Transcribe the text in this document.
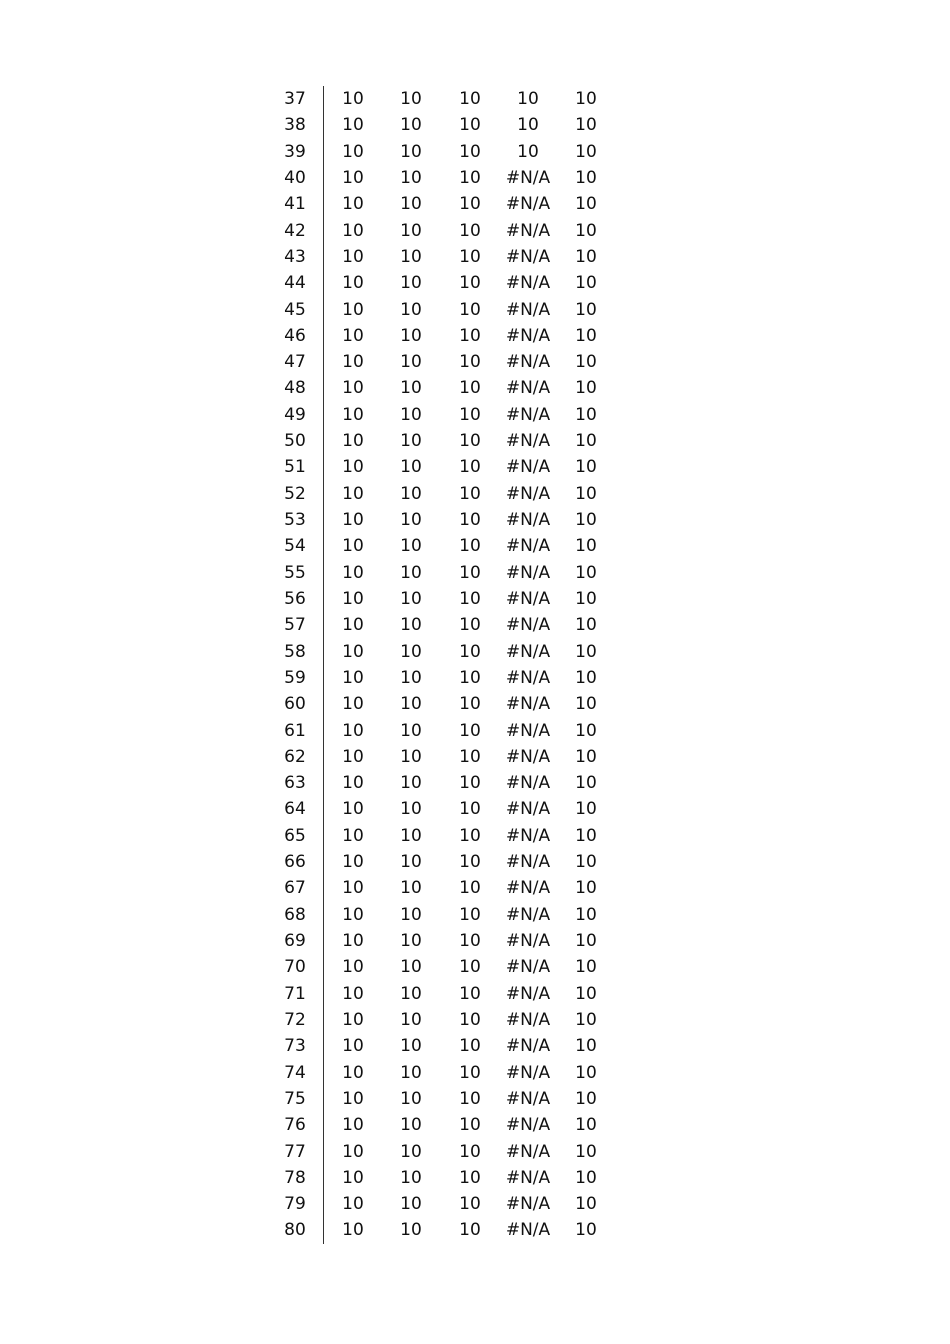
37	10	10	10	10	10
38	10	10	10	10	10
39	10	10	10	10	10
40	10	10	10	#N/A	10
41	10	10	10	#N/A	10
42	10	10	10	#N/A	10
43	10	10	10	#N/A	10
44	10	10	10	#N/A	10
45	10	10	10	#N/A	10
46	10	10	10	#N/A	10
47	10	10	10	#N/A	10
48	10	10	10	#N/A	10
49	10	10	10	#N/A	10
50	10	10	10	#N/A	10
51	10	10	10	#N/A	10
52	10	10	10	#N/A	10
53	10	10	10	#N/A	10
54	10	10	10	#N/A	10
55	10	10	10	#N/A	10
56	10	10	10	#N/A	10
57	10	10	10	#N/A	10
58	10	10	10	#N/A	10
59	10	10	10	#N/A	10
60	10	10	10	#N/A	10
61	10	10	10	#N/A	10
62	10	10	10	#N/A	10
63	10	10	10	#N/A	10
64	10	10	10	#N/A	10
65	10	10	10	#N/A	10
66	10	10	10	#N/A	10
67	10	10	10	#N/A	10
68	10	10	10	#N/A	10
69	10	10	10	#N/A	10
70	10	10	10	#N/A	10
71	10	10	10	#N/A	10
72	10	10	10	#N/A	10
73	10	10	10	#N/A	10
74	10	10	10	#N/A	10
75	10	10	10	#N/A	10
76	10	10	10	#N/A	10
77	10	10	10	#N/A	10
78	10	10	10	#N/A	10
79	10	10	10	#N/A	10
80	10	10	10	#N/A	10
